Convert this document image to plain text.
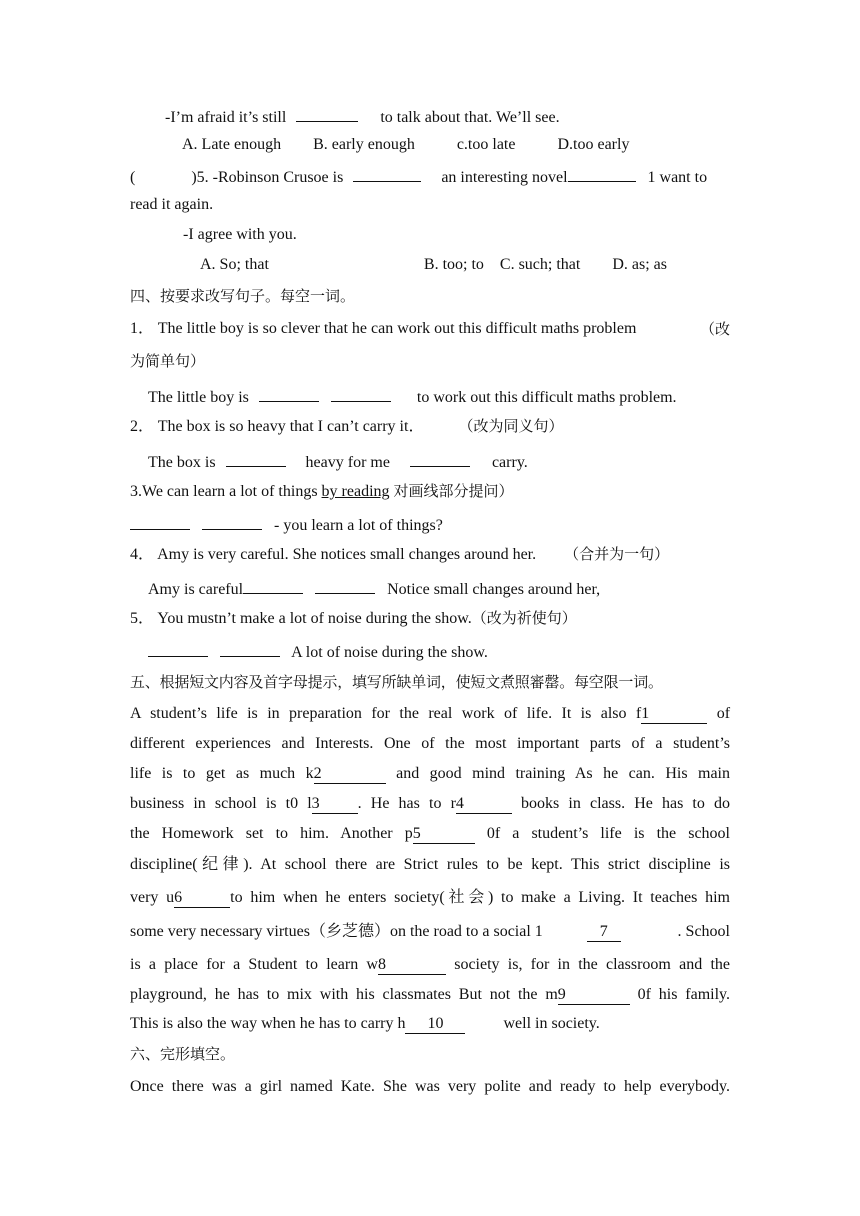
-I’m afraid it’s still	to talk about that. We’ll see.
A. Late enough B. early enough	c.too late	D.too early
(	)5. -Robinson Crusoe is	an interesting novel	1 want to
read it again.
-I agree with you.
A. So; that	B. too; to C. such; that D. as; as
四、按要求改写句子。每空一词。
1． The little boy is so clever that he can work out this difficult maths problem	（改
为简单句）
The little boy is	to work out this difficult maths problem.
2． The box is so heavy that I can’t carry it． （改为同义句）
The box is	heavy for me	carry.
3.We can learn a lot of things by reading 对画线部分提问）
- you learn a lot of things?
4． Amy is very careful. She notices small changes around her. （合并为一句）
Amy is careful	Notice small changes around her,
5． You mustn’t make a lot of noise during the show.（改为祈使句）
A lot of noise during the show.
五、根据短文内容及首字母提示，填写所缺单词，使短文煮照審罄。每空限一词。
A student’s life is in preparation for the real work of life. It is also f1	of
different experiences and Interests. One of the most important parts of a student’s
life is to get as much k2	and good mind training As he can. His main
business in school is t0 l3 . He has to r4	books in class. He has to do
the Homework set to him. Another p5	0f a student’s life is the school
discipline(纪律). At school there are Strict rules to be kept. This strict discipline is
very u6	to him when he enters society(社会) to make a Living. It teaches him
some very necessary virtues（乡芝德）on the road to a social 1	7	. School
is a place for a Student to learn w8	society is, for in the classroom and the
playground, he has to mix with his classmates But not the m9	0f his family.
This is also the way when he has to carry h 10	well in society.
六、完形填空。
Once there was a girl named Kate. She was very polite and ready to help everybody.
